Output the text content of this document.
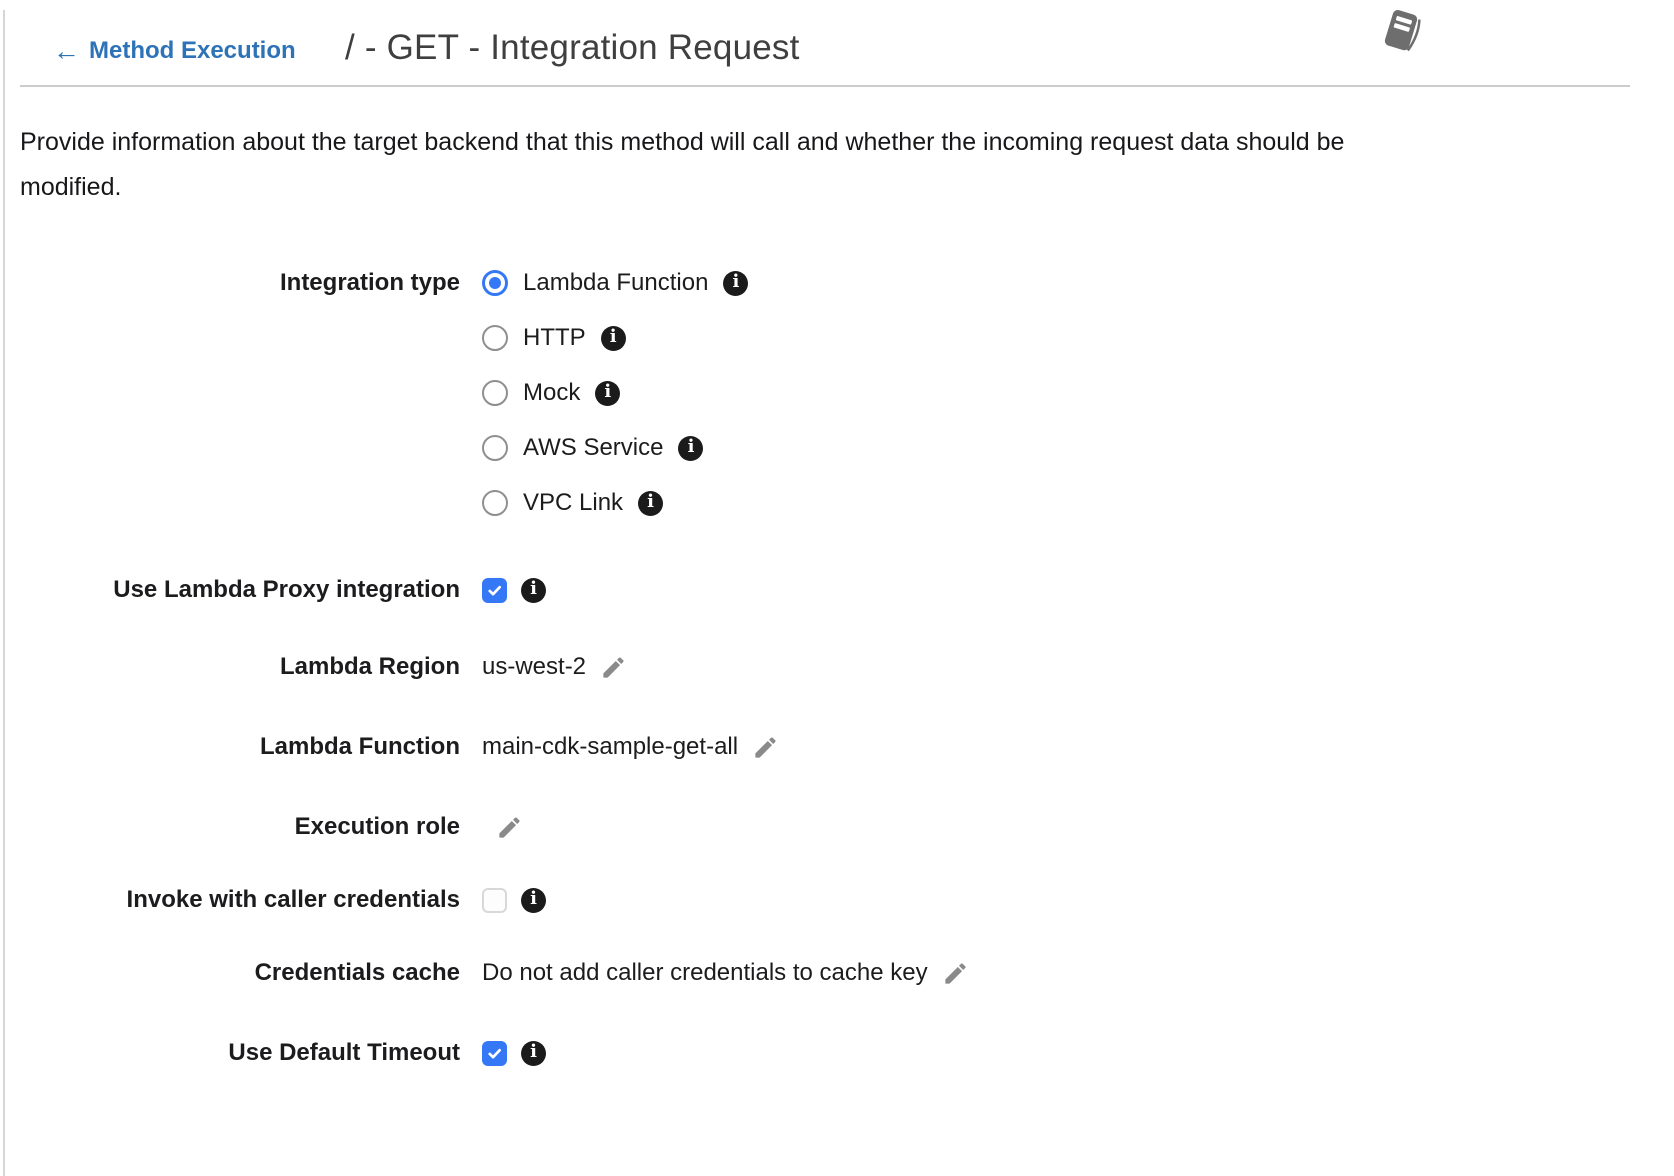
← Method Execution / - GET - Integration Request

Provide information about the target backend that this method will call and whether the incoming request data should be modified.

Integration type	Lambda Function i
HTTP i
Mock i
AWS Service i
VPC Link i
Use Lambda Proxy integration	i
Lambda Region us-west-2
Lambda Function main-cdk-sample-get-all
Execution role
Invoke with caller credentials	i
Credentials cache Do not add caller credentials to cache key
Use Default Timeout	i
